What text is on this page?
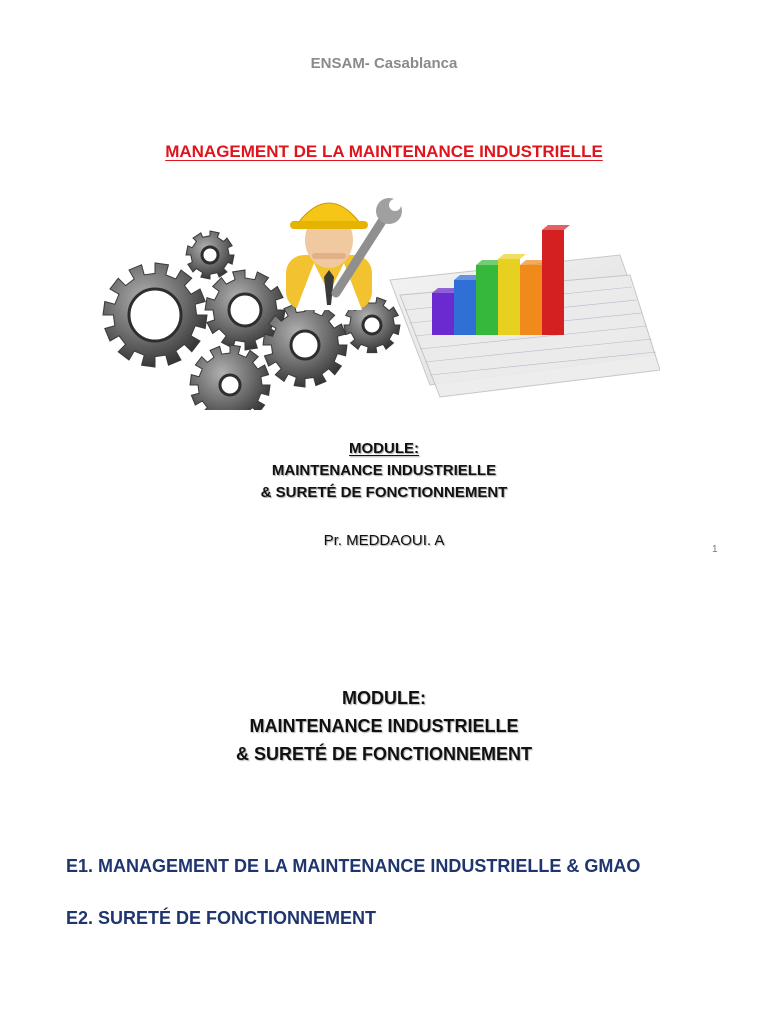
ENSAM- Casablanca
MANAGEMENT DE LA MAINTENANCE INDUSTRIELLE
MODULE:
MAINTENANCE INDUSTRIELLE
& SURETÉ DE FONCTIONNEMENT
Pr. MEDDAOUI. A
1
MODULE:
MAINTENANCE INDUSTRIELLE
& SURETÉ DE FONCTIONNEMENT
E1. MANAGEMENT DE LA MAINTENANCE INDUSTRIELLE & GMAO
E2. SURETÉ DE FONCTIONNEMENT
